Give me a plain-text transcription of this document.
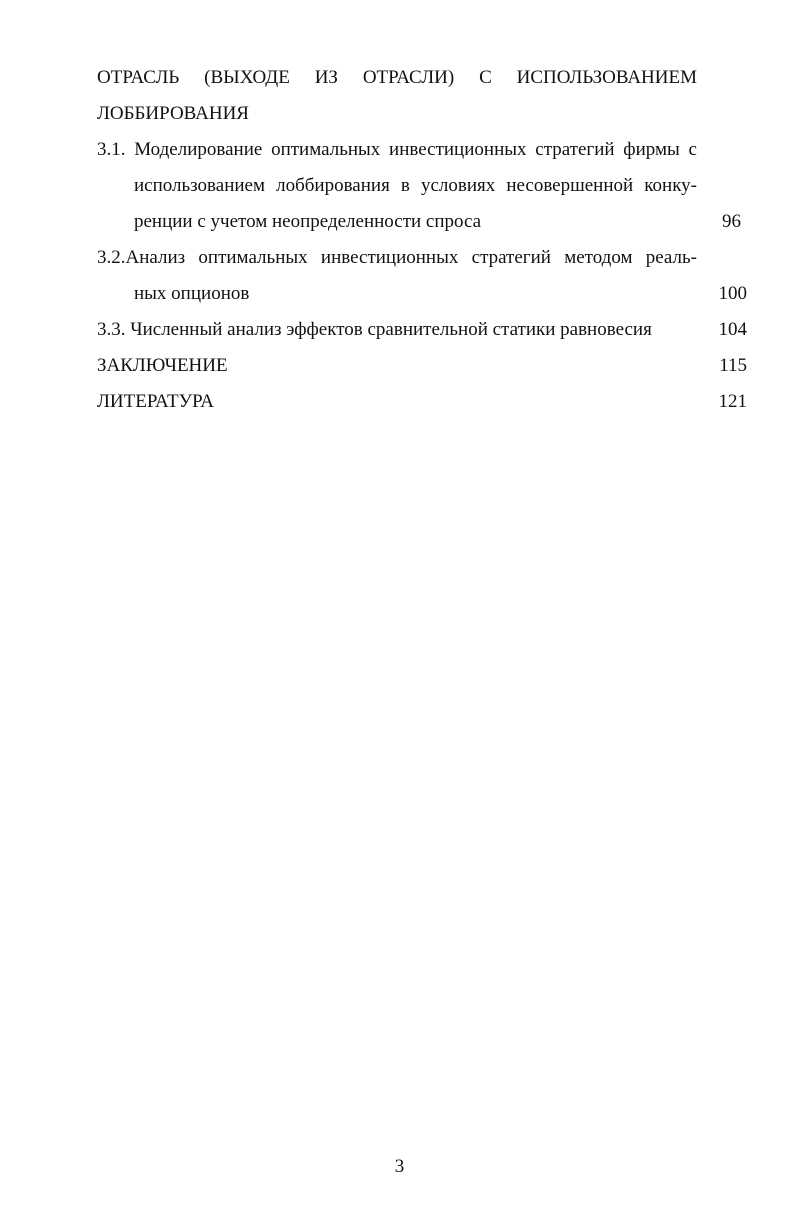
ОТРАСЛЬ (ВЫХОДЕ ИЗ ОТРАСЛИ) С ИСПОЛЬЗОВАНИЕМ
ЛОББИРОВАНИЯ
3.1. Моделирование оптимальных инвестиционных стратегий фирмы с
использованием лоббирования в условиях несовершенной конку-
ренции с учетом неопределенности спроса	96
3.2.Анализ оптимальных инвестиционных стратегий методом реаль-
ных опционов	100
3.3. Численный анализ эффектов сравнительной статики равновесия	104
ЗАКЛЮЧЕНИЕ	115
ЛИТЕРАТУРА	121
3
